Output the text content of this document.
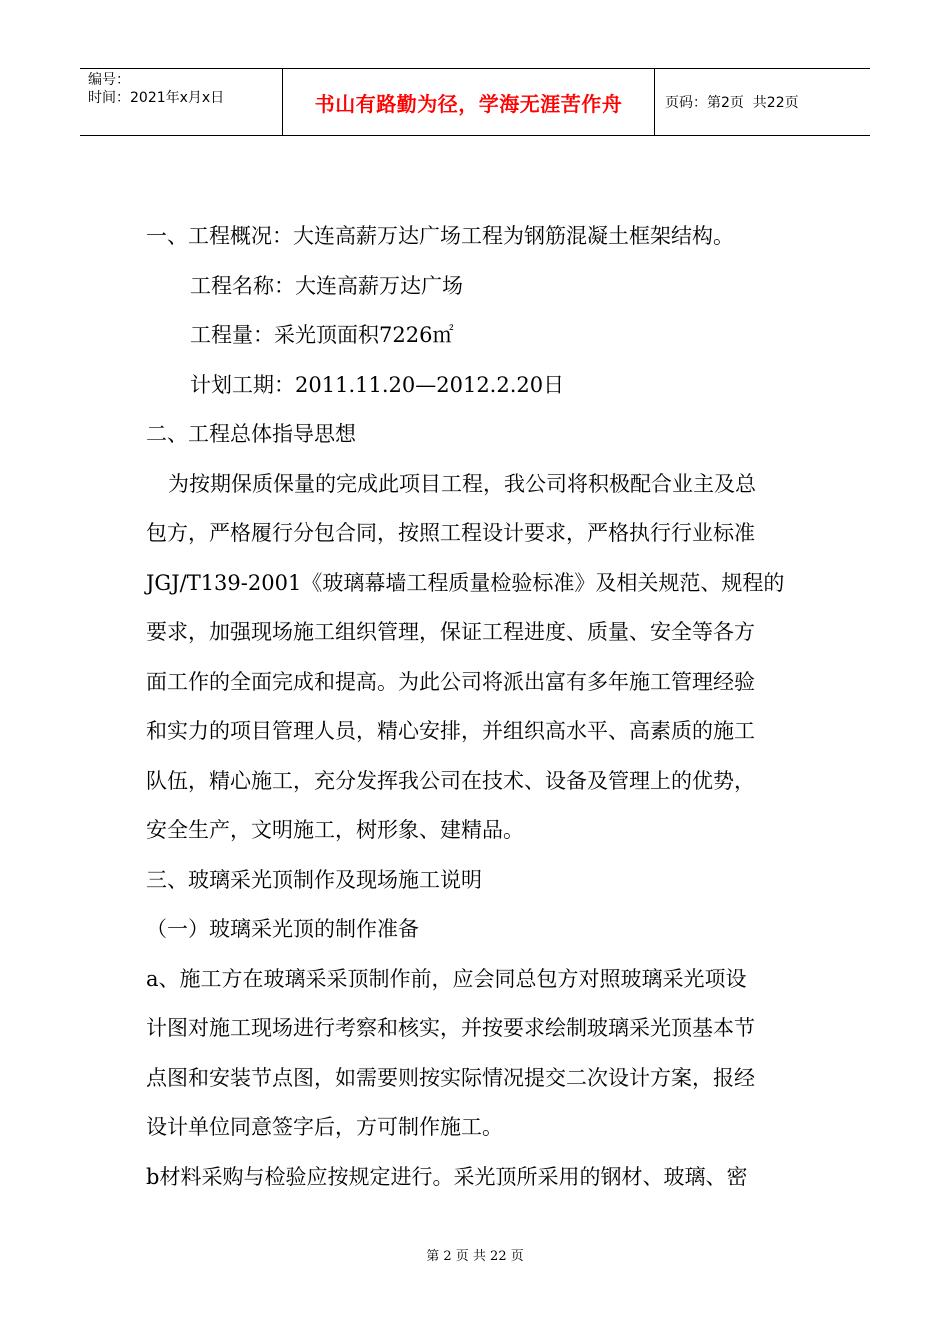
编号：
时间：2021年x月x日	书山有路勤为径，学海无涯苦作舟	页码：第2页  共22页
一、工程概况：大连高薪万达广场工程为钢筋混凝土框架结构。
工程名称：大连高薪万达广场
工程量：采光顶面积7226㎡
计划工期：2011.11.20—2012.2.20日
二、工程总体指导思想
为按期保质保量的完成此项目工程，我公司将积极配合业主及总
包方，严格履行分包合同，按照工程设计要求，严格执行行业标准
JGJ/T139-2001《玻璃幕墙工程质量检验标准》及相关规范、规程的
要求，加强现场施工组织管理，保证工程进度、质量、安全等各方
面工作的全面完成和提高。为此公司将派出富有多年施工管理经验
和实力的项目管理人员，精心安排，并组织高水平、高素质的施工
队伍，精心施工，充分发挥我公司在技术、设备及管理上的优势，
安全生产，文明施工，树形象、建精品。
三、玻璃采光顶制作及现场施工说明
（一）玻璃采光顶的制作准备
a、施工方在玻璃采采顶制作前，应会同总包方对照玻璃采光项设
计图对施工现场进行考察和核实，并按要求绘制玻璃采光顶基本节
点图和安装节点图，如需要则按实际情况提交二次设计方案，报经
设计单位同意签字后，方可制作施工。
b材料采购与检验应按规定进行。采光顶所采用的钢材、玻璃、密
第 2 页 共 22 页
